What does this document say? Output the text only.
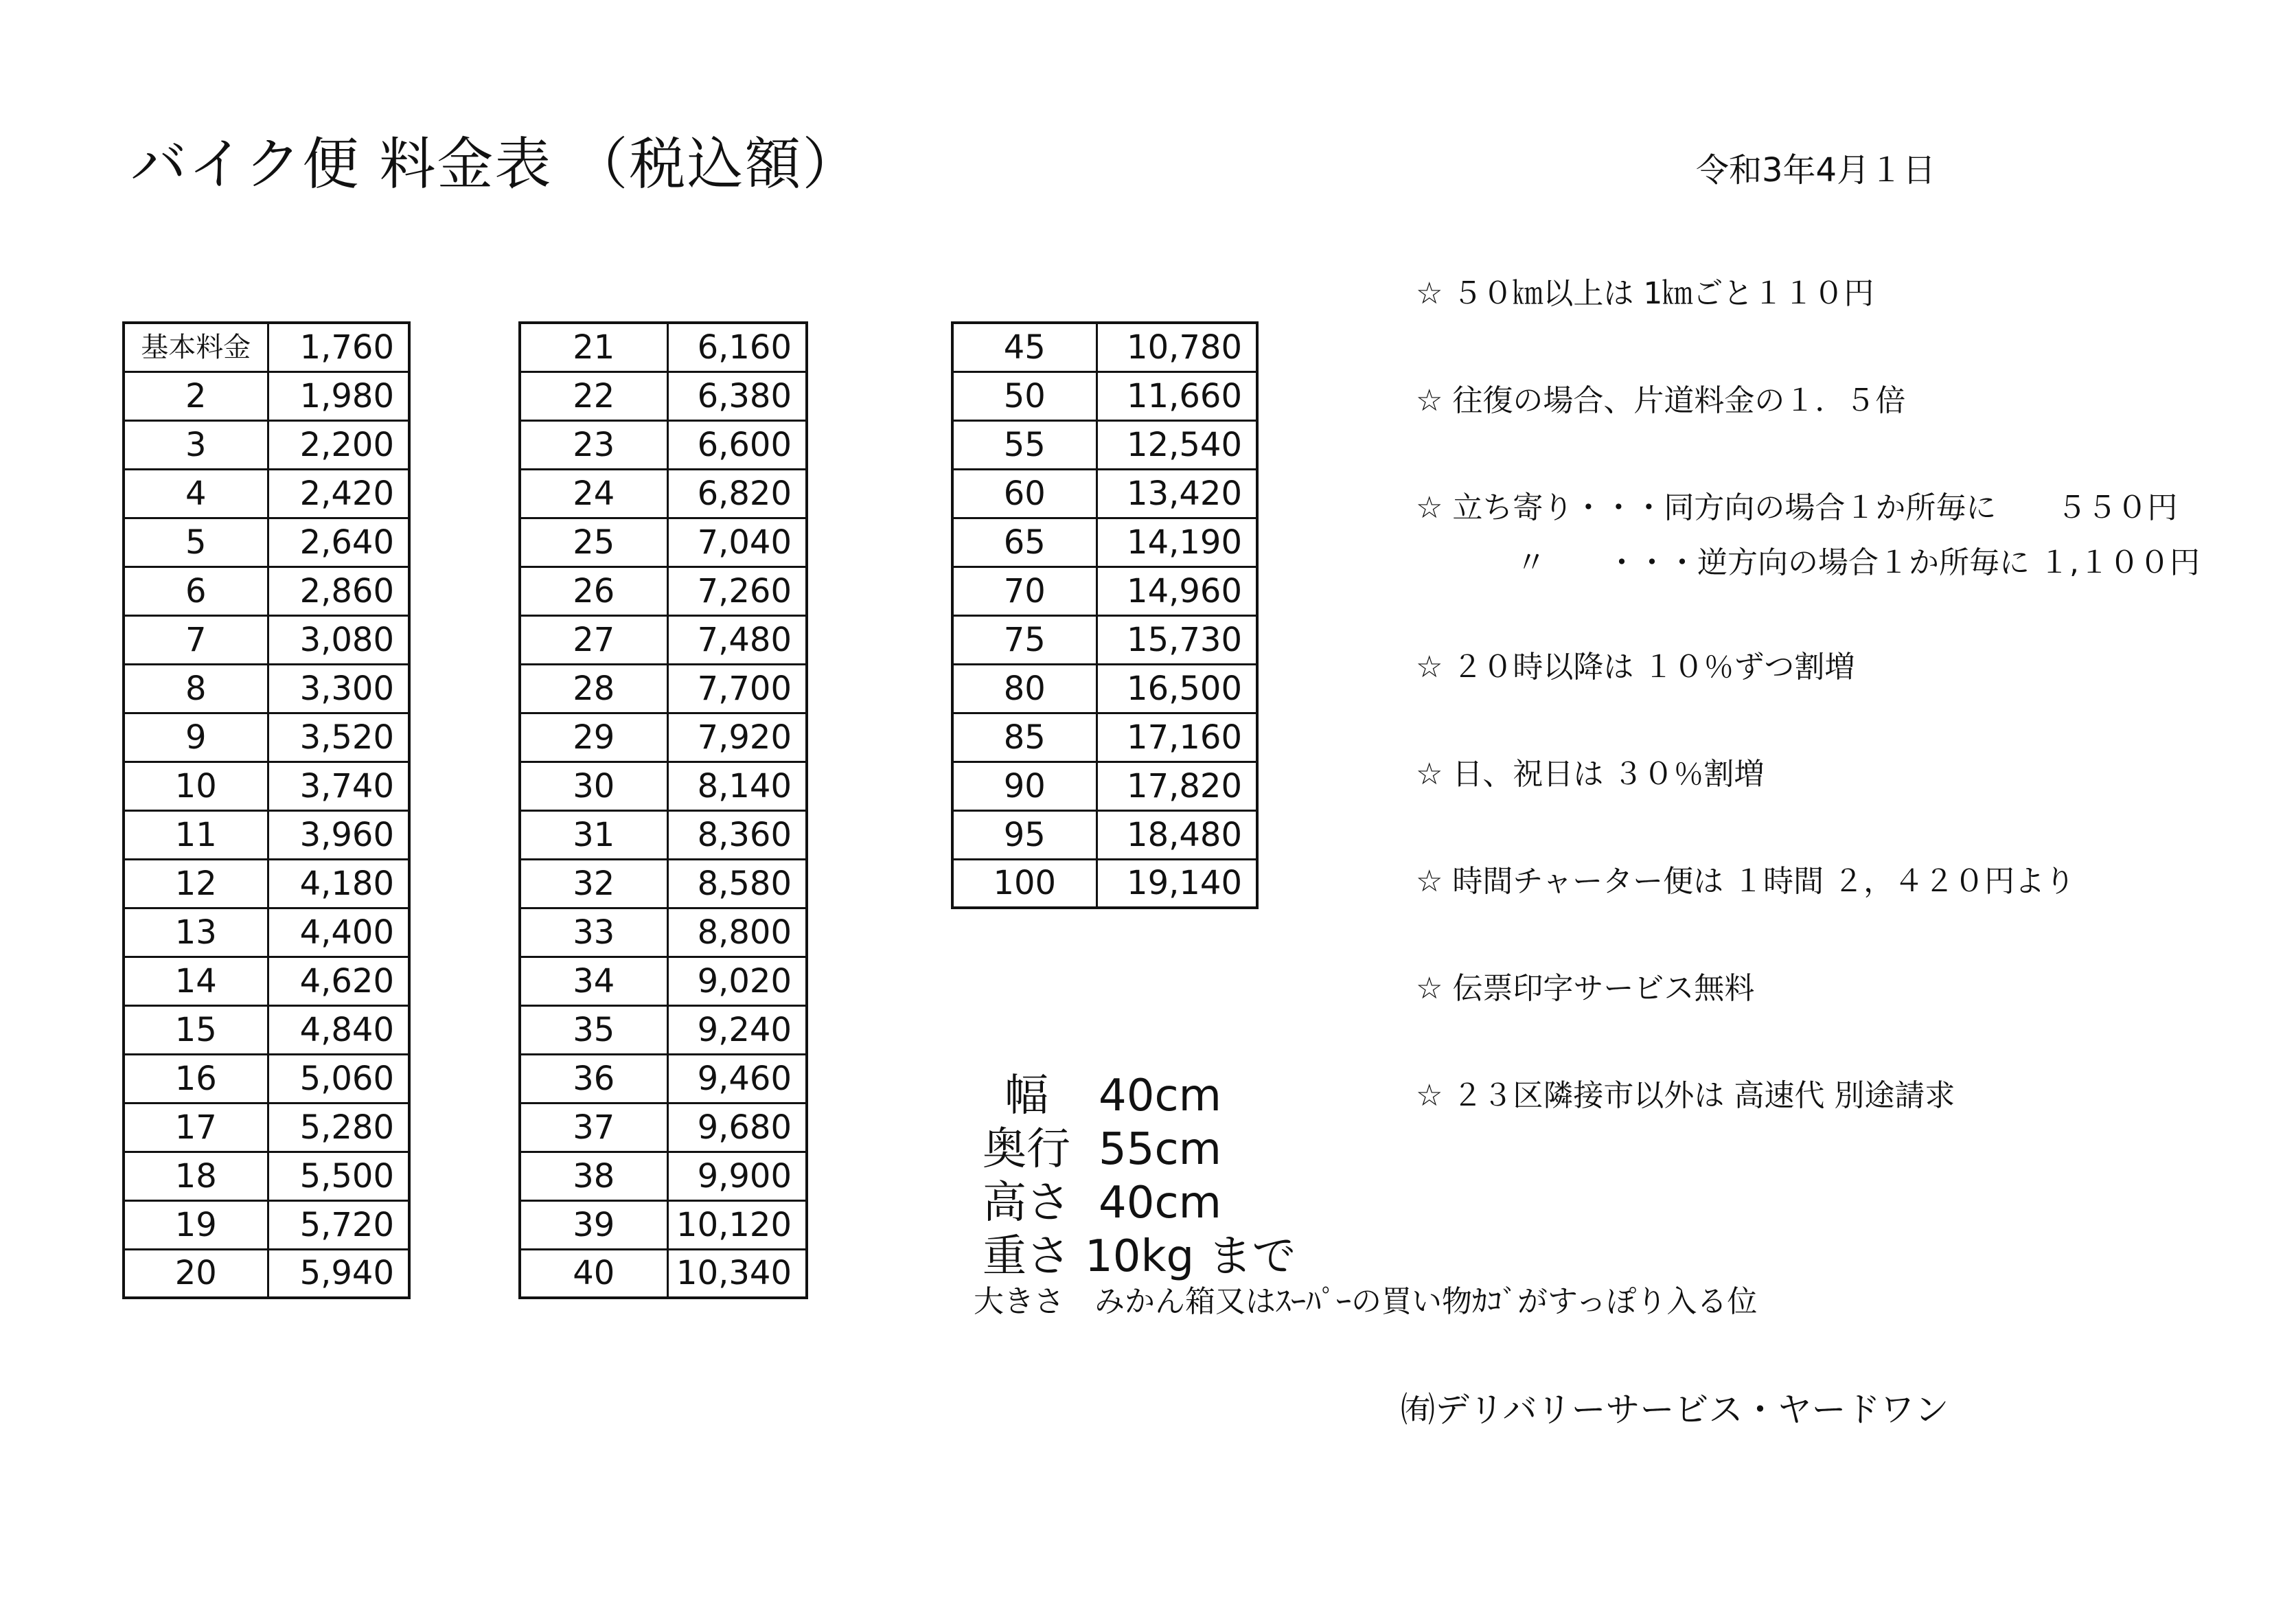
バイク便 料金表 （税込額）	令和3年4月１日
基本料金	1,760
2	1,980
3	2,200
4	2,420
5	2,640
6	2,860
7	3,080
8	3,300
9	3,520
10	3,740
11	3,960
12	4,180
13	4,400
14	4,620
15	4,840
16	5,060
17	5,280
18	5,500
19	5,720
20	5,940
21	6,160
22	6,380
23	6,600
24	6,820
25	7,040
26	7,260
27	7,480
28	7,700
29	7,920
30	8,140
31	8,360
32	8,580
33	8,800
34	9,020
35	9,240
36	9,460
37	9,680
38	9,900
39	10,120
40	10,340
45	10,780
50	11,660
55	12,540
60	13,420
65	14,190
70	14,960
75	15,730
80	16,500
85	17,160
90	17,820
95	18,480
100	19,140
☆ ５０㎞以上は 1㎞ごと１１０円
☆ 往復の場合、片道料金の１．５倍
☆ 立ち寄り・・・同方向の場合１か所毎に　　５５０円
〃　　・・・逆方向の場合１か所毎に １,１００円
☆ ２０時以降は １０％ずつ割増
☆ 日、祝日は ３０％割増
☆ 時間チャーター便は １時間 ２，４２０円より
☆ 伝票印字サービス無料
☆ ２３区隣接市以外は 高速代 別途請求
幅 40cm
奥行 55cm
高さ 40cm
重さ 10kg まで
大きさ　みかん箱又はｽｰﾊﾟｰの買い物ｶｺﾞがすっぽり入る位
㈲デリバリーサービス・ヤードワン
